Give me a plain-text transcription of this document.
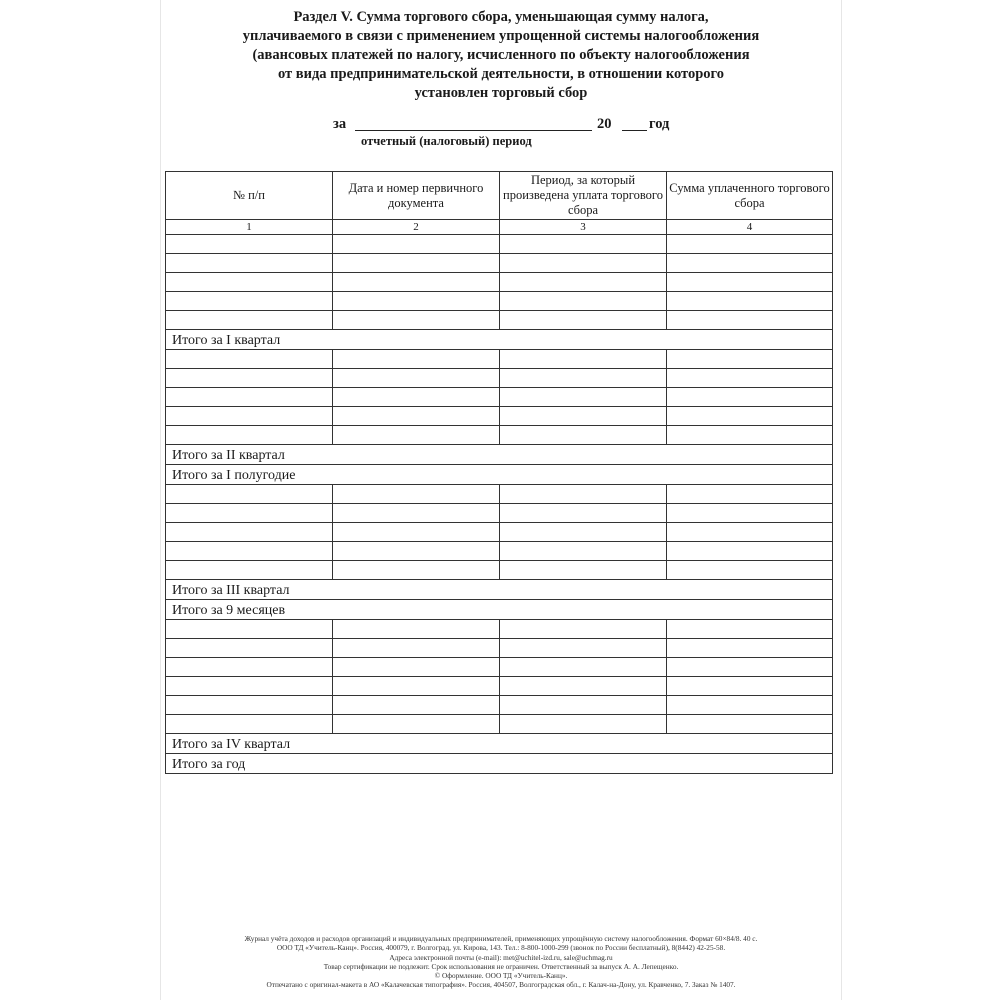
Раздел V. Сумма торгового сбора, уменьшающая сумму налога,
уплачиваемого в связи с применением упрощенной системы налогообложения
(авансовых платежей по налогу, исчисленного по объекту налогообложения
от вида предпринимательской деятельности, в отношении которого
установлен торговый сбор
за	20	год
отчетный (налоговый) период
№ п/п	Дата и номер первичного документа	Период, за который произведена уплата торгового сбора	Сумма уплаченного торгового сбора
1	2	3	4

Итого за I квартал			

Итого за II квартал			
Итого за I полугодие			

Итого за III квартал			
Итого за 9 месяцев			

Итого за IV квартал			
Итого за год			
Журнал учёта доходов и расходов организаций и индивидуальных предпринимателей, применяющих упрощённую систему налогообложения. Формат 60×84/8. 40 с.
ООО ТД «Учитель-Канц». Россия, 400079, г. Волгоград, ул. Кирова, 143. Тел.: 8-800-1000-299 (звонок по России бесплатный), 8(8442) 42-25-58.
Адреса электронной почты (e-mail): met@uchitel-izd.ru, sale@uchmag.ru
Товар сертификации не подлежит. Срок использования не ограничен. Ответственный за выпуск А. А. Лепещенко.
© Оформление. ООО ТД «Учитель-Канц».
Отпечатано с оригинал-макета в АО «Калачевская типография». Россия, 404507, Волгоградская обл., г. Калач-на-Дону, ул. Кравченко, 7. Заказ № 1407.
